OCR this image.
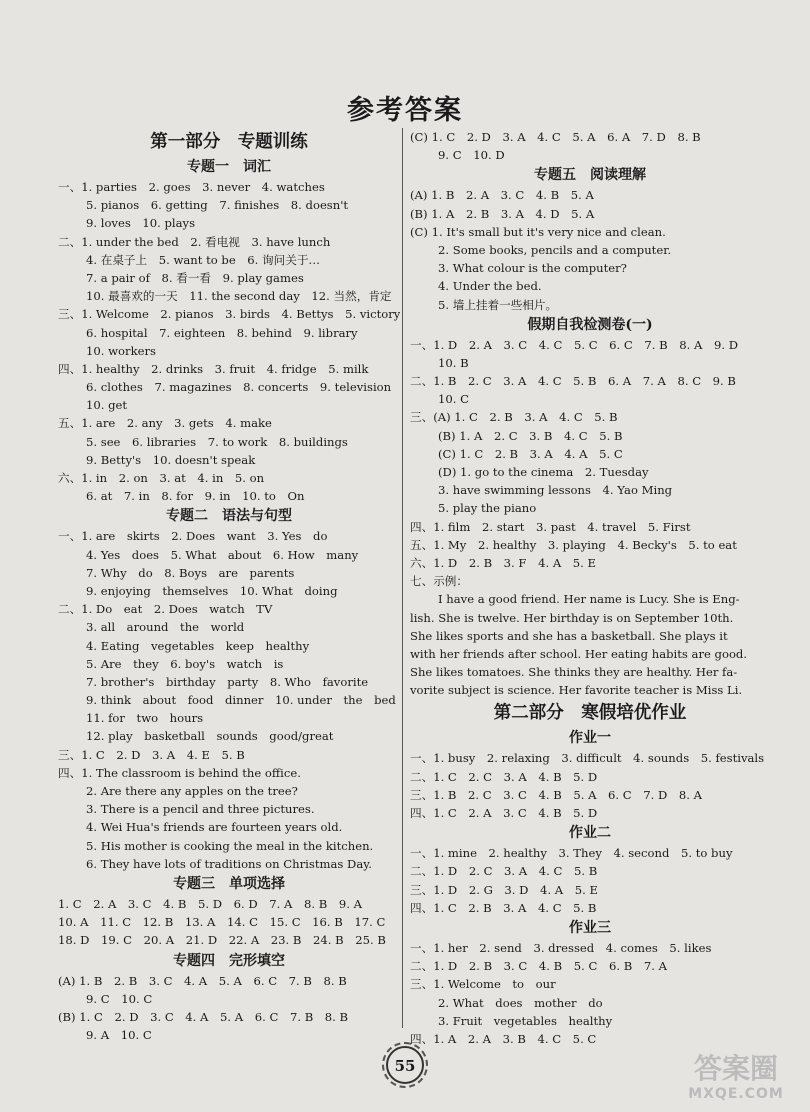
参考答案
第一部分　专题训练
专题一　词汇
一、1. parties　2. goes　3. never　4. watches
5. pianos　6. getting　7. finishes　8. doesn't
9. loves　10. plays
二、1. under the bed　2. 看电视　3. have lunch
4. 在桌子上　5. want to be　6. 询问关于…
7. a pair of　8. 看一看　9. play games
10. 最喜欢的一天　11. the second day　12. 当然，肯定
三、1. Welcome　2. pianos　3. birds　4. Bettys　5. victory
6. hospital　7. eighteen　8. behind　9. library
10. workers
四、1. healthy　2. drinks　3. fruit　4. fridge　5. milk
6. clothes　7. magazines　8. concerts　9. television
10. get
五、1. are　2. any　3. gets　4. make
5. see　6. libraries　7. to work　8. buildings
9. Betty's　10. doesn't speak
六、1. in　2. on　3. at　4. in　5. on
6. at　7. in　8. for　9. in　10. to　On
专题二　语法与句型
一、1. are　skirts　2. Does　want　3. Yes　do
4. Yes　does　5. What　about　6. How　many
7. Why　do　8. Boys　are　parents
9. enjoying　themselves　10. What　doing
二、1. Do　eat　2. Does　watch　TV
3. all　around　the　world
4. Eating　vegetables　keep　healthy
5. Are　they　6. boy's　watch　is
7. brother's　birthday　party　8. Who　favorite
9. think　about　food　dinner　10. under　the　bed
11. for　two　hours
12. play　basketball　sounds　good/great
三、1. C　2. D　3. A　4. E　5. B
四、1. The classroom is behind the office.
2. Are there any apples on the tree?
3. There is a pencil and three pictures.
4. Wei Hua's friends are fourteen years old.
5. His mother is cooking the meal in the kitchen.
6. They have lots of traditions on Christmas Day.
专题三　单项选择
1. C　2. A　3. C　4. B　5. D　6. D　7. A　8. B　9. A
10. A　11. C　12. B　13. A　14. C　15. C　16. B　17. C
18. D　19. C　20. A　21. D　22. A　23. B　24. B　25. B
专题四　完形填空
(A) 1. B　2. B　3. C　4. A　5. A　6. C　7. B　8. B
9. C　10. C
(B) 1. C　2. D　3. C　4. A　5. A　6. C　7. B　8. B
9. A　10. C
(C) 1. C　2. D　3. A　4. C　5. A　6. A　7. D　8. B
9. C　10. D
专题五　阅读理解
(A) 1. B　2. A　3. C　4. B　5. A
(B) 1. A　2. B　3. A　4. D　5. A
(C) 1. It's small but it's very nice and clean.
2. Some books, pencils and a computer.
3. What colour is the computer?
4. Under the bed.
5. 墙上挂着一些相片。
假期自我检测卷(一)
一、1. D　2. A　3. C　4. C　5. C　6. C　7. B　8. A　9. D
10. B
二、1. B　2. C　3. A　4. C　5. B　6. A　7. A　8. C　9. B
10. C
三、(A) 1. C　2. B　3. A　4. C　5. B
(B) 1. A　2. C　3. B　4. C　5. B
(C) 1. C　2. B　3. A　4. A　5. C
(D) 1. go to the cinema　2. Tuesday
3. have swimming lessons　4. Yao Ming
5. play the piano
四、1. film　2. start　3. past　4. travel　5. First
五、1. My　2. healthy　3. playing　4. Becky's　5. to eat
六、1. D　2. B　3. F　4. A　5. E
七、示例：
I have a good friend. Her name is Lucy. She is Eng-
lish. She is twelve. Her birthday is on September 10th.
She likes sports and she has a basketball. She plays it
with her friends after school. Her eating habits are good.
She likes tomatoes. She thinks they are healthy. Her fa-
vorite subject is science. Her favorite teacher is Miss Li.
第二部分　寒假培优作业
作业一
一、1. busy　2. relaxing　3. difficult　4. sounds　5. festivals
二、1. C　2. C　3. A　4. B　5. D
三、1. B　2. C　3. C　4. B　5. A　6. C　7. D　8. A
四、1. C　2. A　3. C　4. B　5. D
作业二
一、1. mine　2. healthy　3. They　4. second　5. to buy
二、1. D　2. C　3. A　4. C　5. B
三、1. D　2. G　3. D　4. A　5. E
四、1. C　2. B　3. A　4. C　5. B
作业三
一、1. her　2. send　3. dressed　4. comes　5. likes
二、1. D　2. B　3. C　4. B　5. C　6. B　7. A
三、1. Welcome　to　our
2. What　does　mother　do
3. Fruit　vegetables　healthy
四、1. A　2. A　3. B　4. C　5. C
55	答案圈
MXQE.COM
